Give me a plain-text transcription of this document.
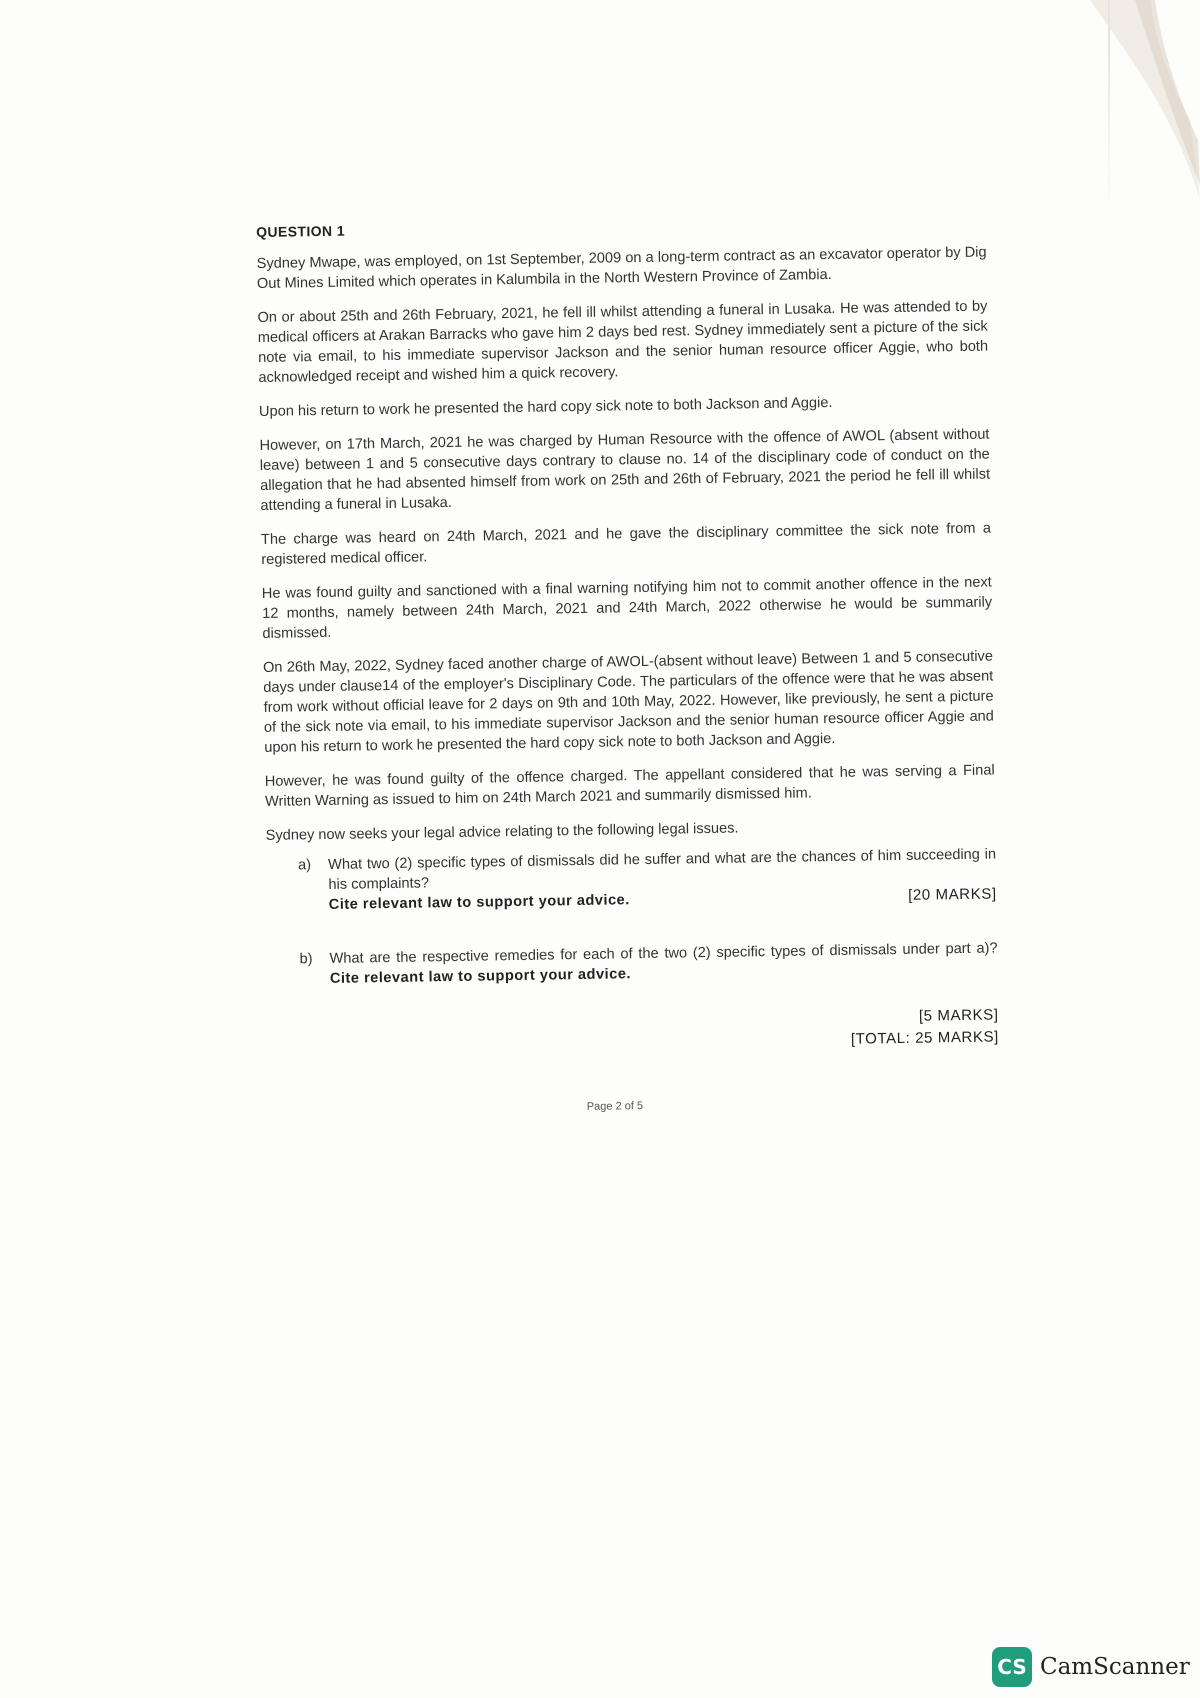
QUESTION 1

Sydney Mwape, was employed, on 1st September, 2009 on a long-term contract as an excavator operator by Dig Out Mines Limited which operates in Kalumbila in the North Western Province of Zambia.

On or about 25th and 26th February, 2021, he fell ill whilst attending a funeral in Lusaka. He was attended to by medical officers at Arakan Barracks who gave him 2 days bed rest. Sydney immediately sent a picture of the sick note via email, to his immediate supervisor Jackson and the senior human resource officer Aggie, who both acknowledged receipt and wished him a quick recovery.

Upon his return to work he presented the hard copy sick note to both Jackson and Aggie.

However, on 17th March, 2021 he was charged by Human Resource with the offence of AWOL (absent without leave) between 1 and 5 consecutive days contrary to clause no. 14 of the disciplinary code of conduct on the allegation that he had absented himself from work on 25th and 26th of February, 2021 the period he fell ill whilst attending a funeral in Lusaka.

The charge was heard on 24th March, 2021 and he gave the disciplinary committee the sick note from a registered medical officer.

He was found guilty and sanctioned with a final warning notifying him not to commit another offence in the next 12 months, namely between 24th March, 2021 and 24th March, 2022 otherwise he would be summarily dismissed.

On 26th May, 2022, Sydney faced another charge of AWOL-(absent without leave) Between 1 and 5 consecutive days under clause14 of the employer's Disciplinary Code. The particulars of the offence were that he was absent from work without official leave for 2 days on 9th and 10th May, 2022. However, like previously, he sent a picture of the sick note via email, to his immediate supervisor Jackson and the senior human resource officer Aggie and upon his return to work he presented the hard copy sick note to both Jackson and Aggie.

However, he was found guilty of the offence charged. The appellant considered that he was serving a Final Written Warning as issued to him on 24th March 2021 and summarily dismissed him.

Sydney now seeks your legal advice relating to the following legal issues.

a) What two (2) specific types of dismissals did he suffer and what are the chances of him succeeding in his complaints?
Cite relevant law to support your advice.	[20 MARKS]
b) What are the respective remedies for each of the two (2) specific types of dismissals under part a)? Cite relevant law to support your advice.
[5 MARKS]
[TOTAL: 25 MARKS]
Page 2 of 5
CS CamScanner
